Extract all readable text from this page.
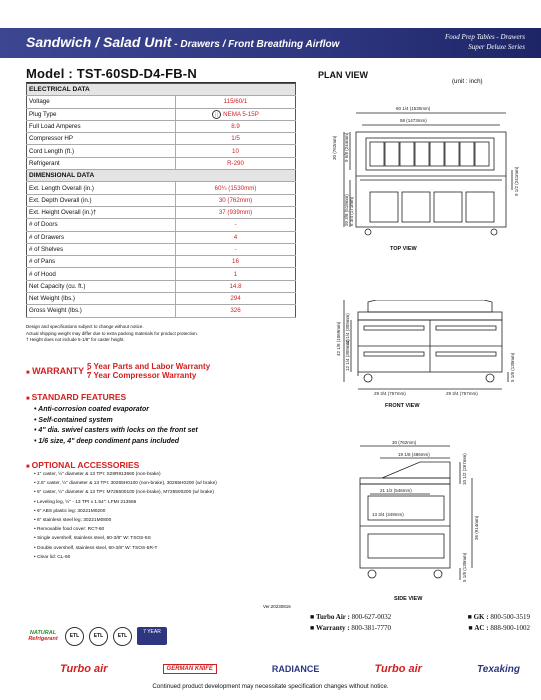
Sandwich / Salad Unit - Drawers / Front Breathing Airflow
Food Prep Tables - Drawers
Super Deluxe Series
Model : TST-60SD-D4-FB-N
ELECTRICAL DATA	
Voltage	115/60/1
Plug Type	┆┆ NEMA 5-15P
Full Load Amperes	8.9
Compressor HP	1/5
Cord Length (ft.)	10
Refrigerant	R-290
DIMENSIONAL DATA	
Ext. Length Overall (in.)	60¼ (1530mm)
Ext. Depth Overall (in.)	30 (762mm)
Ext. Height Overall (in.)†	37 (939mm)
# of Doors	-
# of Drawers	4
# of Shelves	-
# of Pans	16
# of Hood	1
Net Capacity (cu. ft.)	14.8
Net Weight (lbs.)	294
Gross Weight (lbs.)	326
Design and specifications subject to change without notice.
Actual shipping weight may differ due to extra packing materials for product protection.
† Height does not include 5-1/8" for caster height.
■ WARRANTY :
5 Year Parts and Labor Warranty
7 Year Compressor Warranty
■ STANDARD FEATURES
• Anti-corrosion coated evaporator
• Self-contained system
• 4" dia. swivel casters with locks on the front set
• 1/6 size, 4" deep condiment pans included
■ OPTIONAL ACCESSORIES
• 1" caster, ½" diameter & 13 TPI: S28R813660 (non-brake)
• 2.5" caster, ½" diameter & 13 TPI: 30265H0100 (non-brake), 30265H0200 (w/ brake)
• 5" caster, ½" diameter & 13 TPI: M726500100 (non-brake), M726500200 (w/ brake)
• Leveling leg, ½" - 13 TPI x 1.54": LFMI 213566
• 6" ABS plastic leg: 30221M0200
• 6" stainless steel leg: 30221M0800
• Removable food cover: RCT-60
• Single overshelf, stainless steel, 60-3/8" W: TSOS-5S
• Double overshelf, stainless steel, 60-3/8" W: TSOS-5R-T
• Clear lid: CL-60
Ver.20230816
PLAN VIEW
(unit : inch)
60 1/4 (1530mm)
58 (1473mm)
30 (762mm) 9 5/8 (244mm)
20 3/8 (518mm) 6 3/4 (171mm)
9 1/2 (241mm)
TOP VIEW
42 1/8 (1069mm) 12 1/4 (309mm)
12 1/4 (309mm)	5 1/8 (130mm)
29 3/4 (757mm)	29 3/4 (757mm)
FRONT VIEW
30 (762mm)
19 1/8 (486mm)
21 1/2 (546mm)
13 3/4 (349mm)
10 1/2 (267mm)
36 (914mm)
5 1/8 (130mm)
SIDE VIEW
■ Turbo Air : 800-627-0032	■ GK : 800-500-3519
■ Warranty : 800-381-7770	■ AC : 888-900-1002
NATURAL
Refrigerant
ETL	ETL	ETL
7 YEAR
Turbo air	GERMAN KNIFE	RADIANCE	Turbo air	Texaking
Continued product development may necessitate specification changes without notice.
